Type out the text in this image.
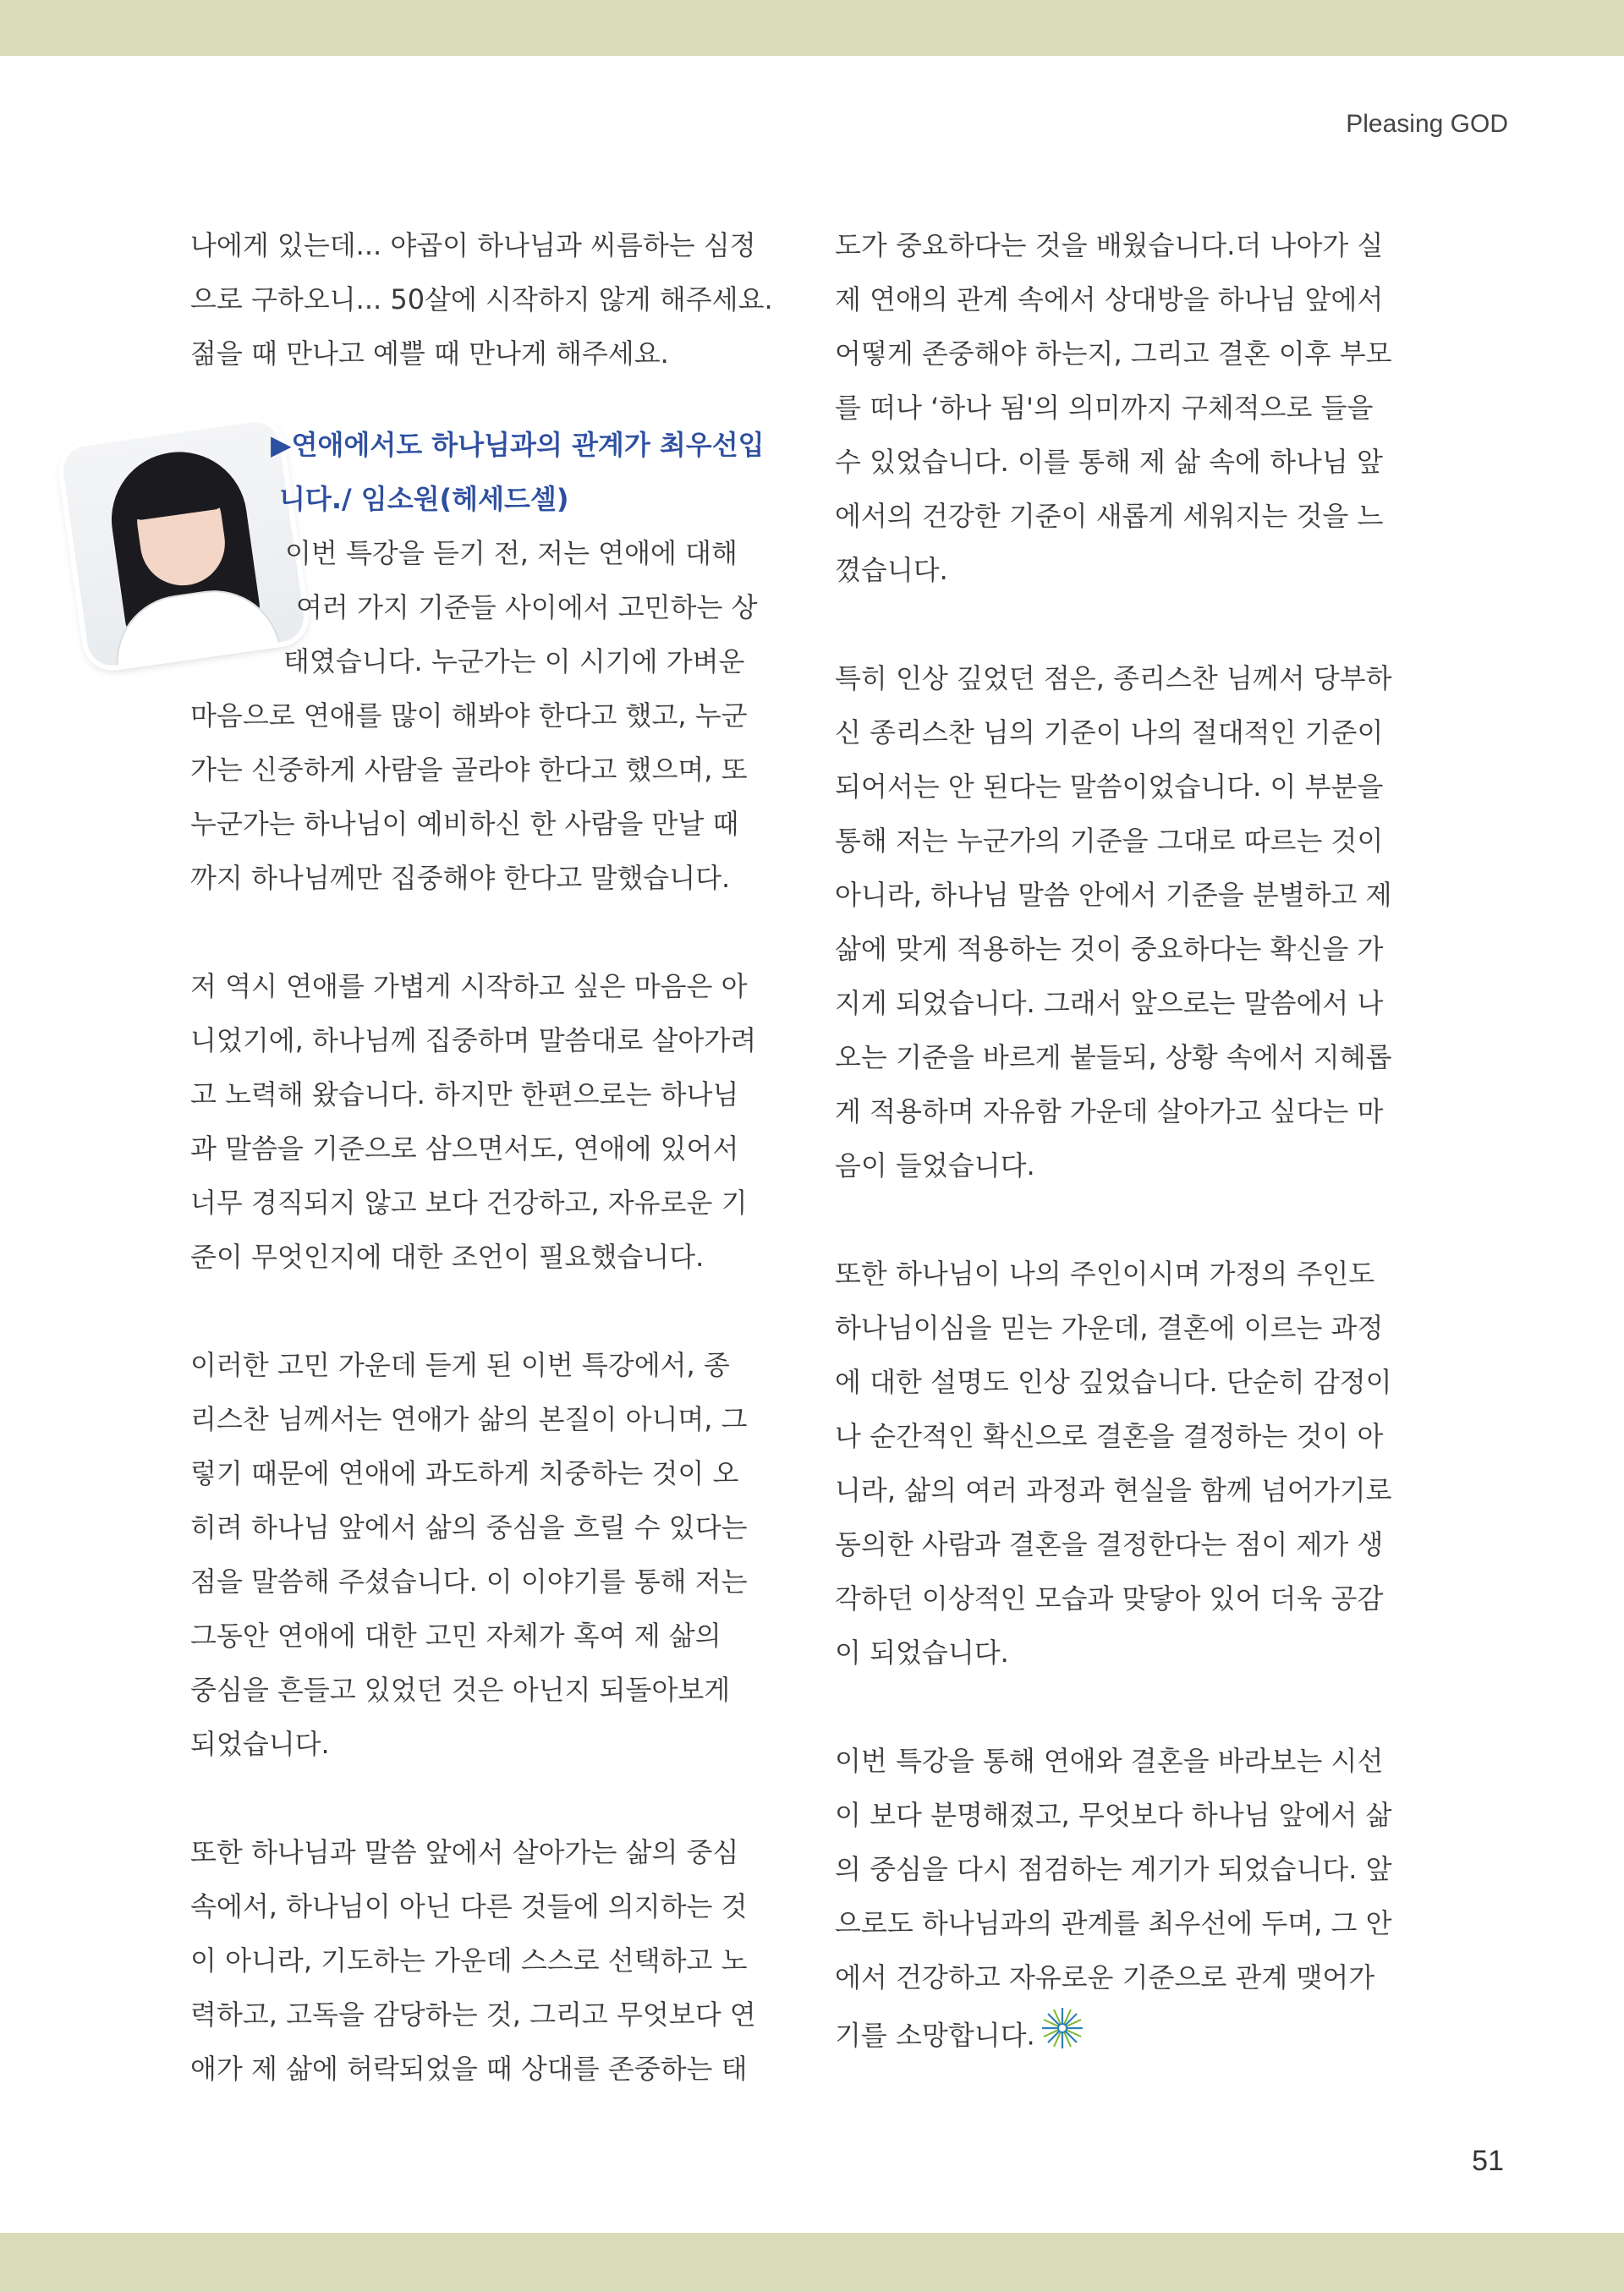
Pleasing GOD
나에게 있는데... 야곱이 하나님과 씨름하는 심정
으로 구하오니... 50살에 시작하지 않게 해주세요.
젊을 때 만나고 예쁠 때 만나게 해주세요.
▶연애에서도 하나님과의 관계가 최우선입
니다./ 임소원(헤세드셀)
이번 특강을 듣기 전, 저는 연애에 대해
여러 가지 기준들 사이에서 고민하는 상
태였습니다. 누군가는 이 시기에 가벼운
마음으로 연애를 많이 해봐야 한다고 했고, 누군
가는 신중하게 사람을 골라야 한다고 했으며, 또
누군가는 하나님이 예비하신 한 사람을 만날 때
까지 하나님께만 집중해야 한다고 말했습니다.
저 역시 연애를 가볍게 시작하고 싶은 마음은 아
니었기에, 하나님께 집중하며 말씀대로 살아가려
고 노력해 왔습니다. 하지만 한편으로는 하나님
과 말씀을 기준으로 삼으면서도, 연애에 있어서
너무 경직되지 않고 보다 건강하고, 자유로운 기
준이 무엇인지에 대한 조언이 필요했습니다.
이러한 고민 가운데 듣게 된 이번 특강에서, 종
리스찬 님께서는 연애가 삶의 본질이 아니며, 그
렇기 때문에 연애에 과도하게 치중하는 것이 오
히려 하나님 앞에서 삶의 중심을 흐릴 수 있다는
점을 말씀해 주셨습니다. 이 이야기를 통해 저는
그동안 연애에 대한 고민 자체가 혹여 제 삶의
중심을 흔들고 있었던 것은 아닌지 되돌아보게
되었습니다.
또한 하나님과 말씀 앞에서 살아가는 삶의 중심
속에서, 하나님이 아닌 다른 것들에 의지하는 것
이 아니라, 기도하는 가운데 스스로 선택하고 노
력하고, 고독을 감당하는 것, 그리고 무엇보다 연
애가 제 삶에 허락되었을 때 상대를 존중하는 태
도가 중요하다는 것을 배웠습니다.더 나아가 실
제 연애의 관계 속에서 상대방을 하나님 앞에서
어떻게 존중해야 하는지, 그리고 결혼 이후 부모
를 떠나 ‘하나 됨'의 의미까지 구체적으로 들을
수 있었습니다. 이를 통해 제 삶 속에 하나님 앞
에서의 건강한 기준이 새롭게 세워지는 것을 느
꼈습니다.
특히 인상 깊었던 점은, 종리스찬 님께서 당부하
신 종리스찬 님의 기준이 나의 절대적인 기준이
되어서는 안 된다는 말씀이었습니다. 이 부분을
통해 저는 누군가의 기준을 그대로 따르는 것이
아니라, 하나님 말씀 안에서 기준을 분별하고 제
삶에 맞게 적용하는 것이 중요하다는 확신을 가
지게 되었습니다. 그래서 앞으로는 말씀에서 나
오는 기준을 바르게 붙들되, 상황 속에서 지혜롭
게 적용하며 자유함 가운데 살아가고 싶다는 마
음이 들었습니다.
또한 하나님이 나의 주인이시며 가정의 주인도
하나님이심을 믿는 가운데, 결혼에 이르는 과정
에 대한 설명도 인상 깊었습니다. 단순히 감정이
나 순간적인 확신으로 결혼을 결정하는 것이 아
니라, 삶의 여러 과정과 현실을 함께 넘어가기로
동의한 사람과 결혼을 결정한다는 점이 제가 생
각하던 이상적인 모습과 맞닿아 있어 더욱 공감
이 되었습니다.
이번 특강을 통해 연애와 결혼을 바라보는 시선
이 보다 분명해졌고, 무엇보다 하나님 앞에서 삶
의 중심을 다시 점검하는 계기가 되었습니다. 앞
으로도 하나님과의 관계를 최우선에 두며, 그 안
에서 건강하고 자유로운 기준으로 관계 맺어가
기를 소망합니다.
51
